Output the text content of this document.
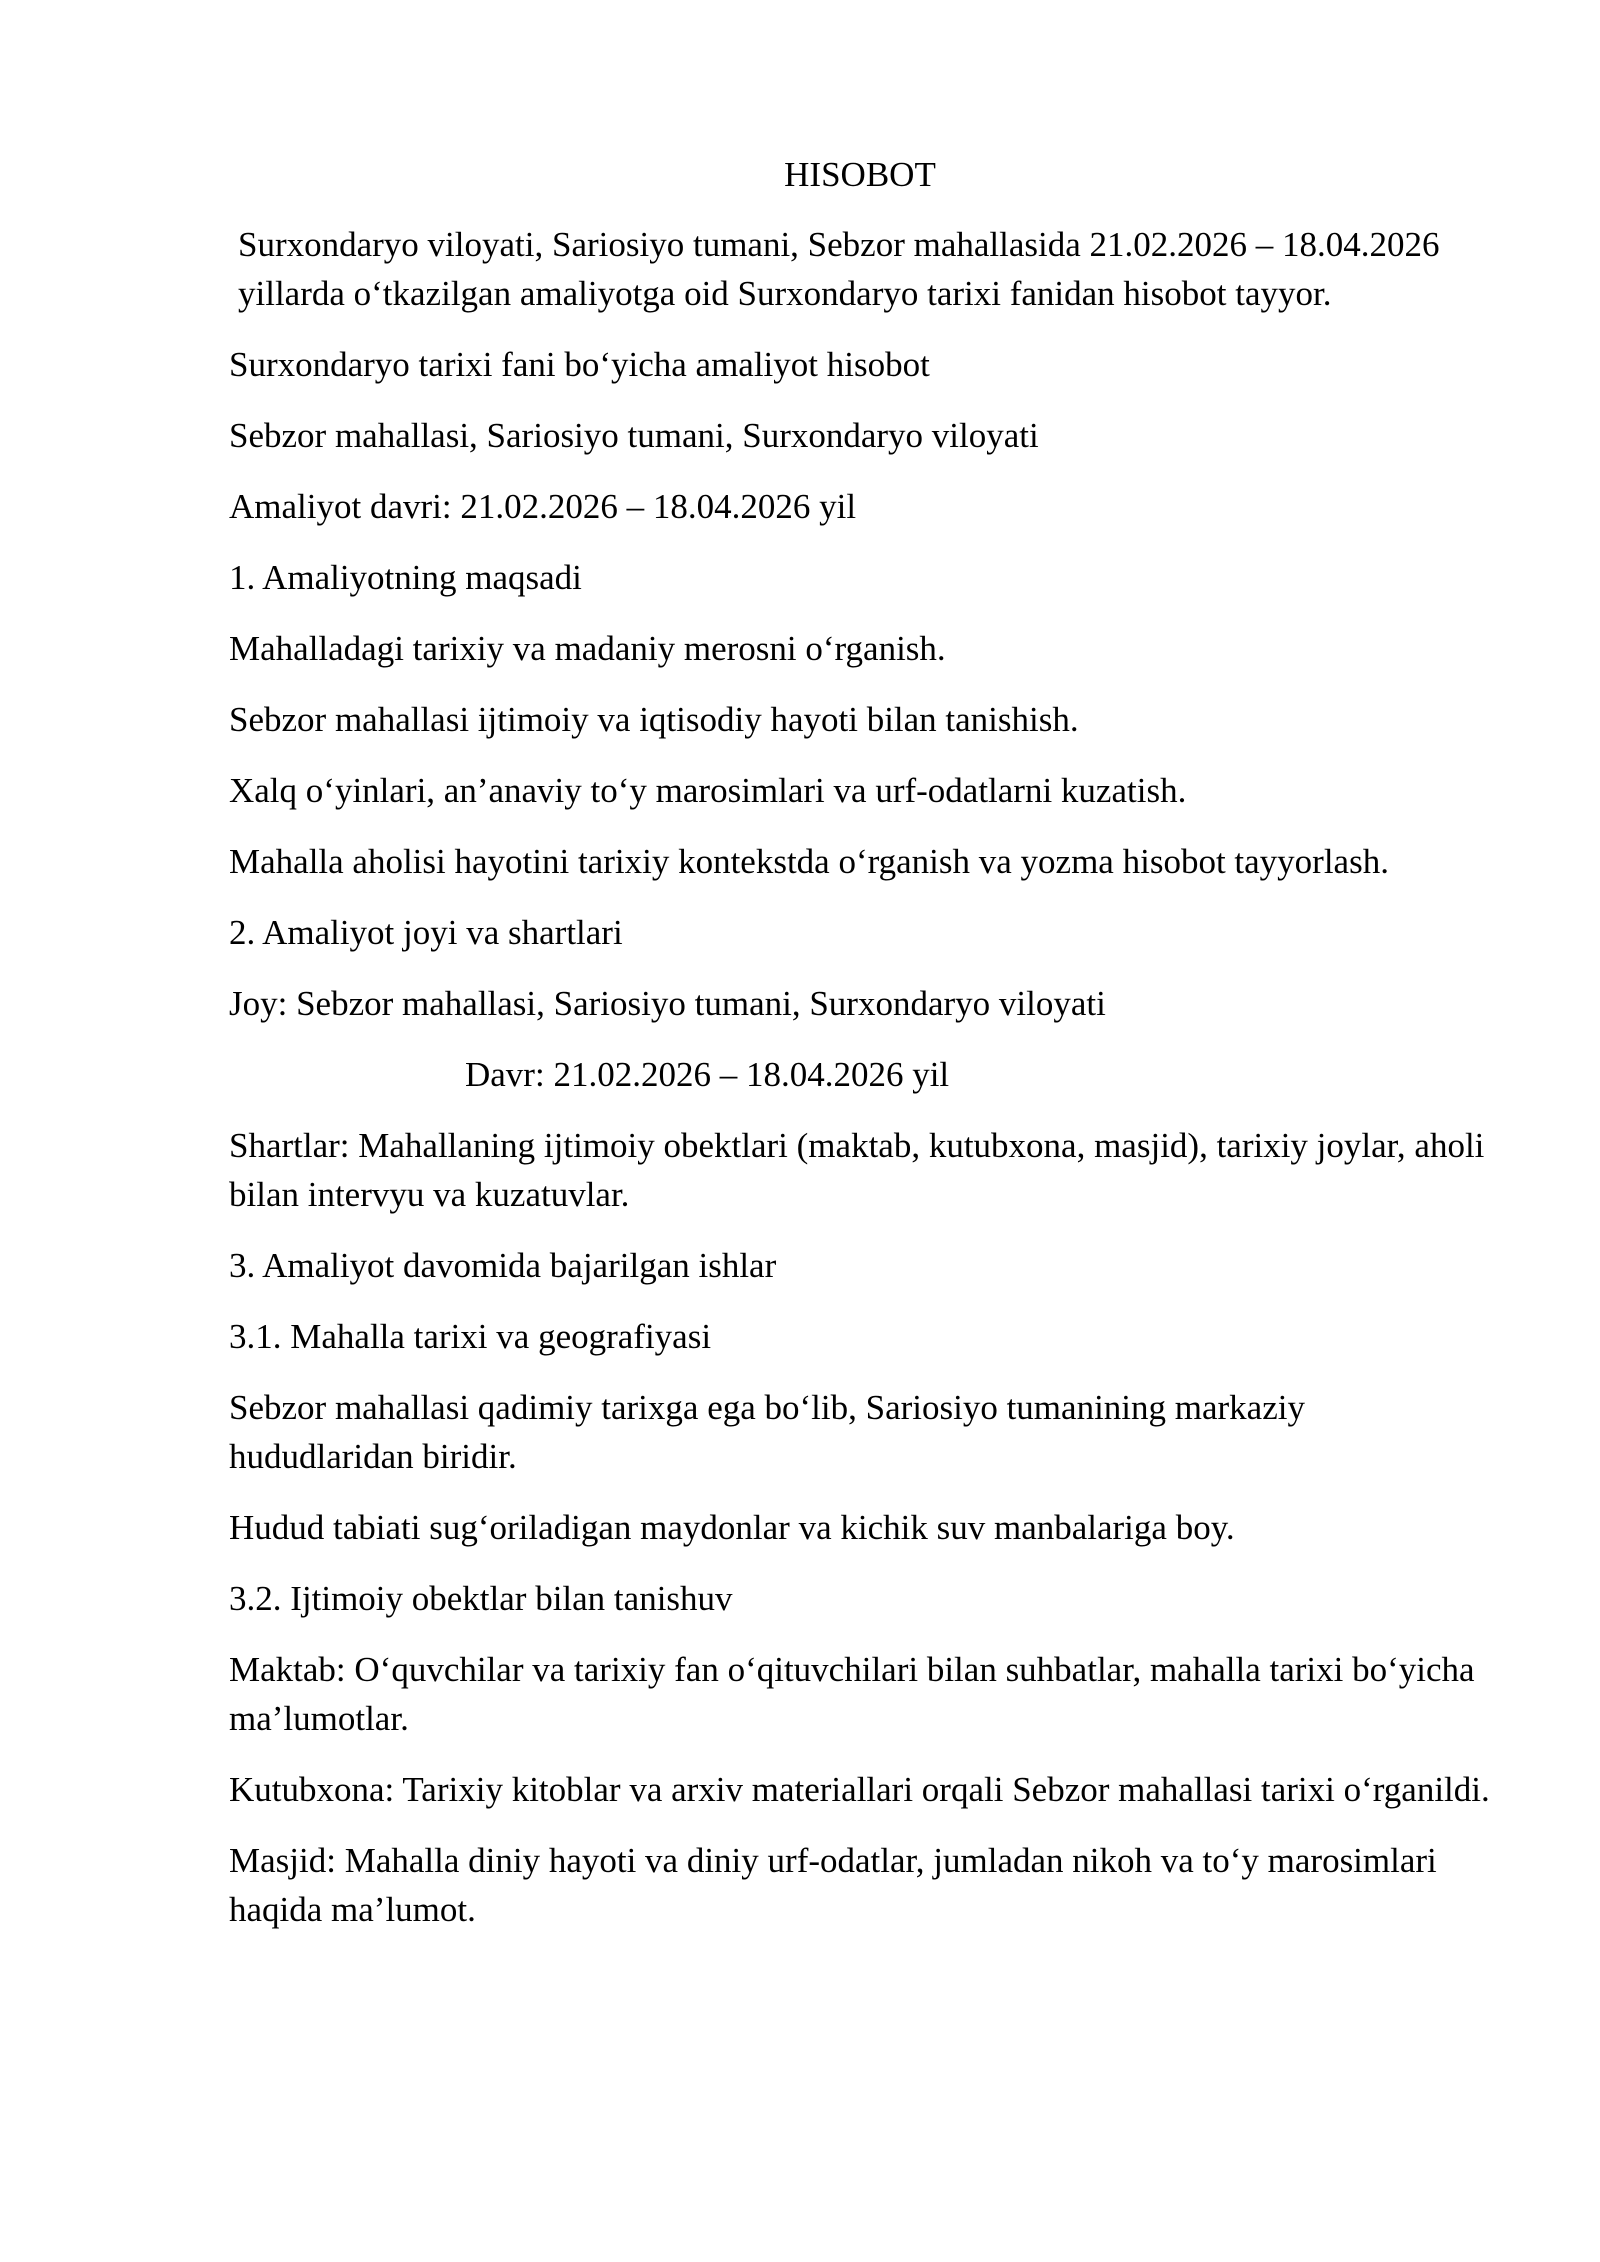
HISOBOT

Surxondaryo viloyati, Sariosiyo tumani, Sebzor mahallasida 21.02.2026 – 18.04.2026 yillarda o‘tkazilgan amaliyotga oid Surxondaryo tarixi fanidan hisobot tayyor.

Surxondaryo tarixi fani bo‘yicha amaliyot hisobot

Sebzor mahallasi, Sariosiyo tumani, Surxondaryo viloyati

Amaliyot davri: 21.02.2026 – 18.04.2026 yil

1. Amaliyotning maqsadi

Mahalladagi tarixiy va madaniy merosni o‘rganish.

Sebzor mahallasi ijtimoiy va iqtisodiy hayoti bilan tanishish.

Xalq o‘yinlari, an’anaviy to‘y marosimlari va urf-odatlarni kuzatish.

Mahalla aholisi hayotini tarixiy kontekstda o‘rganish va yozma hisobot tayyorlash.

2. Amaliyot joyi va shartlari

Joy: Sebzor mahallasi, Sariosiyo tumani, Surxondaryo viloyati

Davr: 21.02.2026 – 18.04.2026 yil

Shartlar: Mahallaning ijtimoiy obektlari (maktab, kutubxona, masjid), tarixiy joylar, aholi bilan intervyu va kuzatuvlar.

3. Amaliyot davomida bajarilgan ishlar

3.1. Mahalla tarixi va geografiyasi

Sebzor mahallasi qadimiy tarixga ega bo‘lib, Sariosiyo tumanining markaziy hududlaridan biridir.

Hudud tabiati sug‘oriladigan maydonlar va kichik suv manbalariga boy.

3.2. Ijtimoiy obektlar bilan tanishuv

Maktab: O‘quvchilar va tarixiy fan o‘qituvchilari bilan suhbatlar, mahalla tarixi bo‘yicha ma’lumotlar.

Kutubxona: Tarixiy kitoblar va arxiv materiallari orqali Sebzor mahallasi tarixi o‘rganildi.

Masjid: Mahalla diniy hayoti va diniy urf-odatlar, jumladan nikoh va to‘y marosimlari haqida ma’lumot.
